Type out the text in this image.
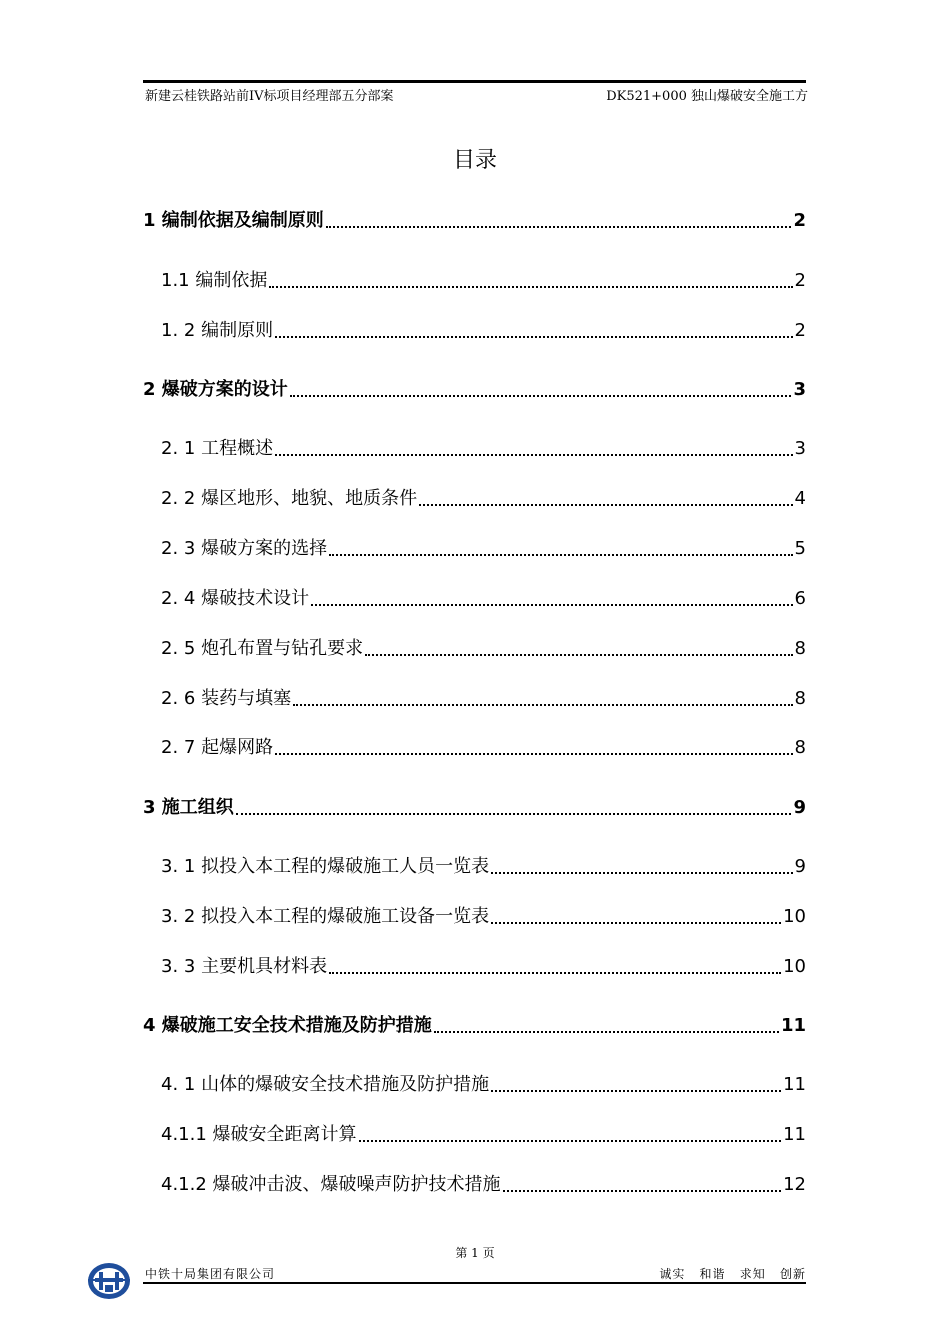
新建云桂铁路站前IV标项目经理部五分部案	DK521+000 独山爆破安全施工方
目录
1 编制依据及编制原则	2
1.1 编制依据	2
1. 2 编制原则	2
2 爆破方案的设计	3
2. 1 工程概述	3
2. 2 爆区地形、地貌、地质条件	4
2. 3 爆破方案的选择	5
2. 4 爆破技术设计	6
2. 5 炮孔布置与钻孔要求	8
2. 6 装药与填塞	8
2. 7 起爆网路	8
3 施工组织	9
3. 1 拟投入本工程的爆破施工人员一览表	9
3. 2 拟投入本工程的爆破施工设备一览表	10
3. 3 主要机具材料表	10
4 爆破施工安全技术措施及防护措施	11
4. 1 山体的爆破安全技术措施及防护措施	11
4.1.1 爆破安全距离计算	11
4.1.2 爆破冲击波、爆破噪声防护技术措施	12
第 1 页
中铁十局集团有限公司	诚实 和谐 求知 创新
